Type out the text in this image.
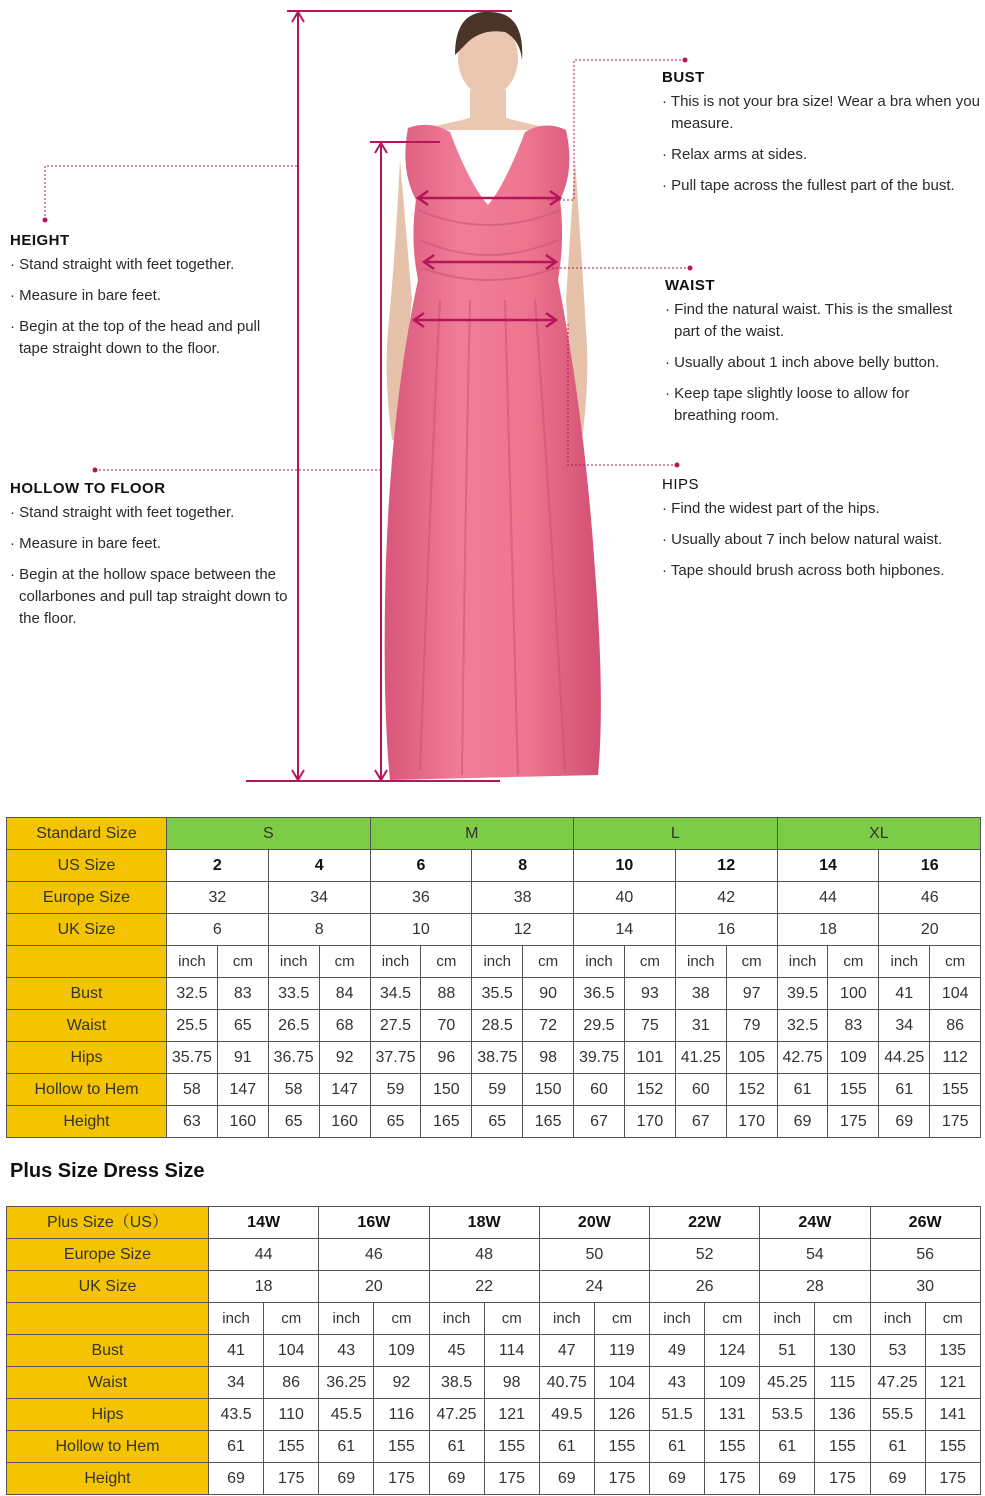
BUST
· This is not your bra size! Wear a bra when you measure.
· Relax arms at sides.
· Pull tape across the fullest part of the bust.
HEIGHT
· Stand straight with feet together.
· Measure in bare feet.
· Begin at the top of the head and pull tape straight down to the floor.
WAIST
· Find the natural waist. This is the smallest part of the waist.
· Usually about 1 inch above belly button.
· Keep tape slightly loose to allow for breathing room.
HOLLOW TO FLOOR
· Stand straight with feet together.
· Measure in bare feet.
· Begin at the hollow space between the collarbones and pull tap straight down to the floor.
HIPS
· Find the widest part of the hips.
· Usually about 7 inch below natural waist.
· Tape should brush across both hipbones.
Standard Size	S				M				L				XL			
US Size	2		4		6		8		10		12		14		16	
Europe Size	32		34		36		38		40		42		44		46	
UK Size	6		8		10		12		14		16		18		20	
	inch	cm	inch	cm	inch	cm	inch	cm	inch	cm	inch	cm	inch	cm	inch	cm
Bust	32.5	83	33.5	84	34.5	88	35.5	90	36.5	93	38	97	39.5	100	41	104
Waist	25.5	65	26.5	68	27.5	70	28.5	72	29.5	75	31	79	32.5	83	34	86
Hips	35.75	91	36.75	92	37.75	96	38.75	98	39.75	101	41.25	105	42.75	109	44.25	112
Hollow to Hem	58	147	58	147	59	150	59	150	60	152	60	152	61	155	61	155
Height	63	160	65	160	65	165	65	165	67	170	67	170	69	175	69	175
Plus Size Dress Size
Plus Size（US）	14W		16W		18W		20W		22W		24W		26W	
Europe Size	44		46		48		50		52		54		56	
UK Size	18		20		22		24		26		28		30	
	inch	cm	inch	cm	inch	cm	inch	cm	inch	cm	inch	cm	inch	cm
Bust	41	104	43	109	45	114	47	119	49	124	51	130	53	135
Waist	34	86	36.25	92	38.5	98	40.75	104	43	109	45.25	115	47.25	121
Hips	43.5	110	45.5	116	47.25	121	49.5	126	51.5	131	53.5	136	55.5	141
Hollow to Hem	61	155	61	155	61	155	61	155	61	155	61	155	61	155
Height	69	175	69	175	69	175	69	175	69	175	69	175	69	175
